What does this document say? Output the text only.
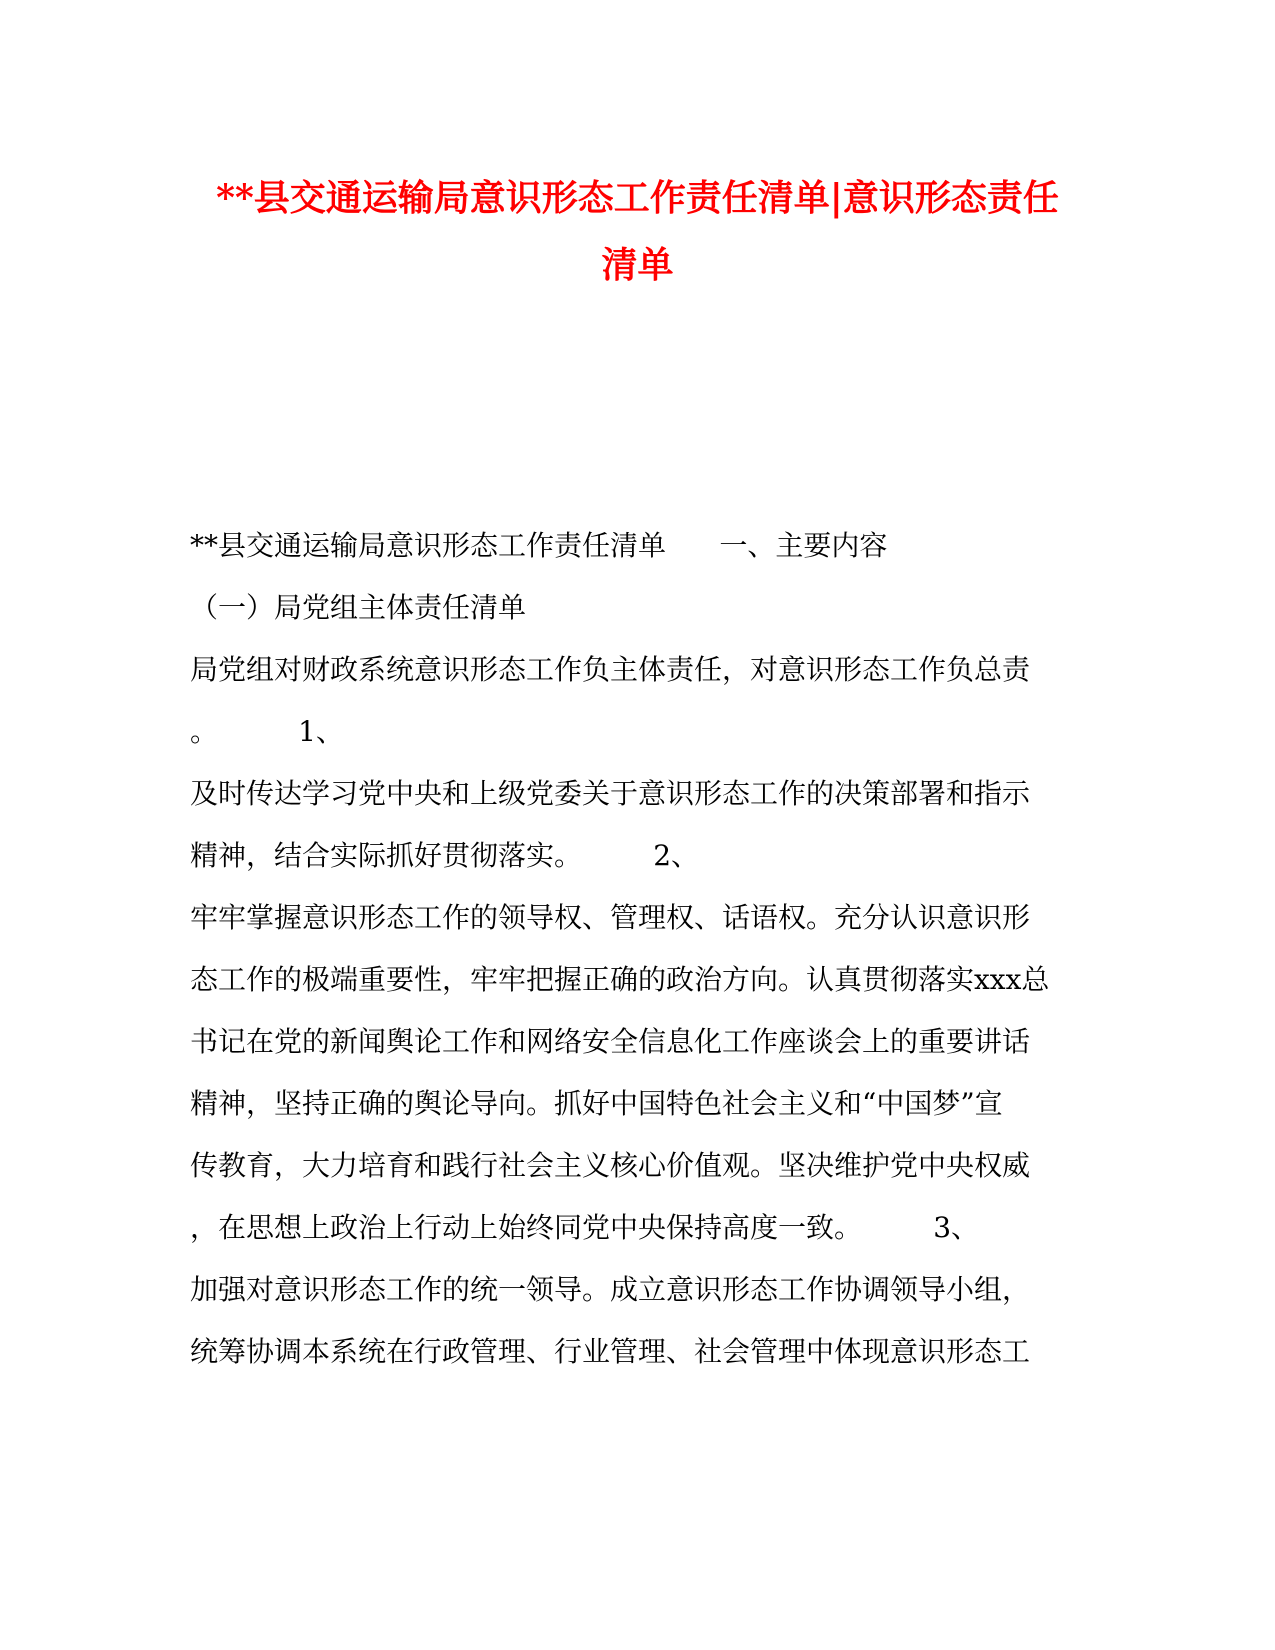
**县交通运输局意识形态工作责任清单|意识形态责任
清单
**县交通运输局意识形态工作责任清单      一、主要内容
（一）局党组主体责任清单
局党组对财政系统意识形态工作负主体责任，对意识形态工作负总责
。         1、
及时传达学习党中央和上级党委关于意识形态工作的决策部署和指示
精神，结合实际抓好贯彻落实。        2、
牢牢掌握意识形态工作的领导权、管理权、话语权。充分认识意识形
态工作的极端重要性，牢牢把握正确的政治方向。认真贯彻落实xxx总
书记在党的新闻舆论工作和网络安全信息化工作座谈会上的重要讲话
精神，坚持正确的舆论导向。抓好中国特色社会主义和“中国梦”宣
传教育，大力培育和践行社会主义核心价值观。坚决维护党中央权威
，在思想上政治上行动上始终同党中央保持高度一致。        3、
加强对意识形态工作的统一领导。成立意识形态工作协调领导小组，
统筹协调本系统在行政管理、行业管理、社会管理中体现意识形态工
